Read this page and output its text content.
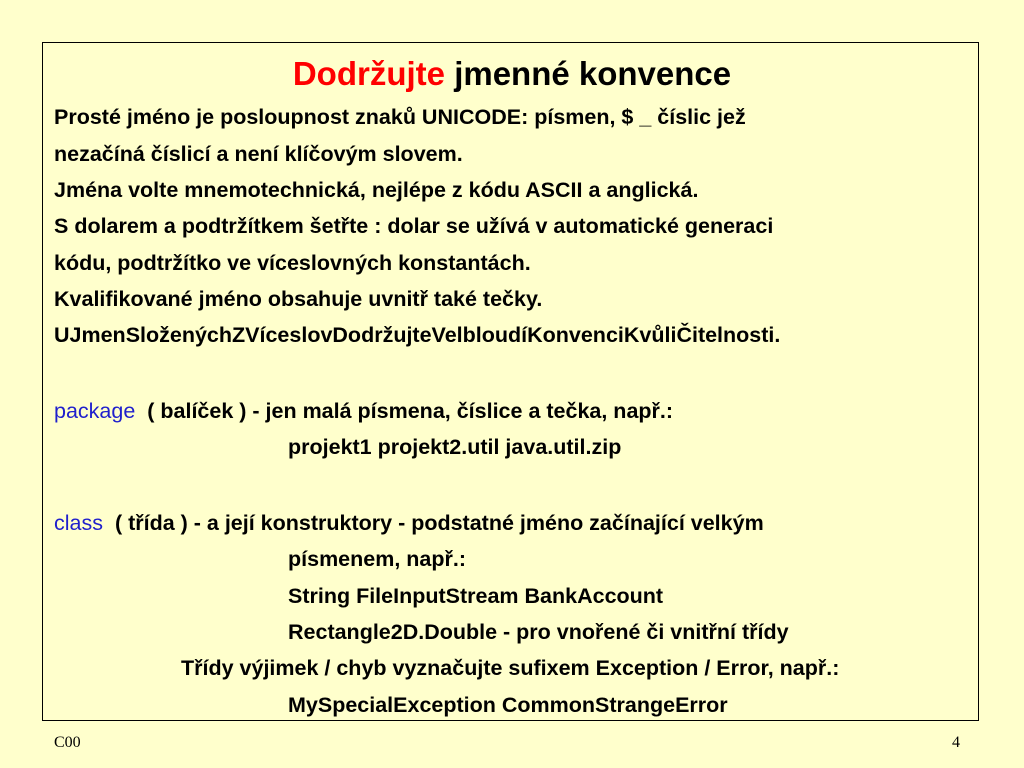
Dodržujte jmenné konvence
Prosté jméno je posloupnost znaků UNICODE: písmen, $ _ číslic jež
nezačíná číslicí a není klíčovým slovem.
Jména volte mnemotechnická, nejlépe z kódu ASCII a anglická.
S dolarem a podtržítkem šetřte : dolar se užívá v automatické generaci
kódu, podtržítko ve víceslovných konstantách.
Kvalifikované jméno obsahuje uvnitř také tečky.
UJmenSloženýchZVíceslovDodržujteVelbloudíKonvenciKvůliČitelnosti.
package ( balíček ) - jen malá písmena, číslice a tečka, např.:
projekt1 projekt2.util java.util.zip
class ( třída ) - a její konstruktory - podstatné jméno začínající velkým
písmenem, např.:
String FileInputStream BankAccount
Rectangle2D.Double - pro vnořené či vnitřní třídy
Třídy výjimek / chyb vyznačujte sufixem Exception / Error, např.:
MySpecialException CommonStrangeError
C00	4
